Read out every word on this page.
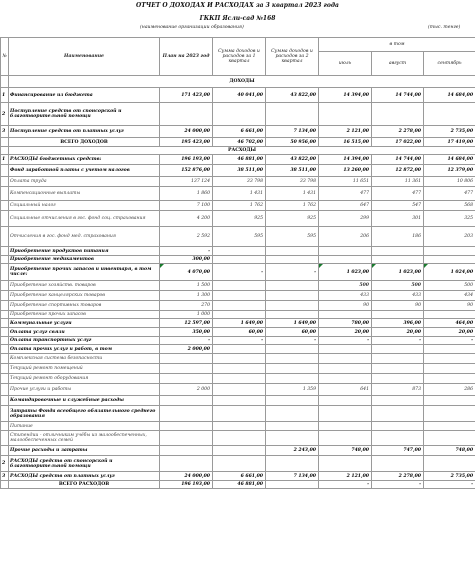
ОТЧЕТ О ДОХОДАХ И РАСХОДАХ за 3 квартал 2023 года
ГККП Ясли-сад №168
(наименование организации образования)	(тыс. тенге)
№	Наименование	План на 2023 год	Сумма доходов и расходов за 1 квартал	Сумма доходов и расходов за 2 квартал	в том		
					июль	август	сентябрь
	ДОХОДЫ						
1	Финансирование из бюджета	171 423,00	40 041,00	43 822,00	14 394,00	14 744,00	14 684,00
2	Поступление средств от спонсорской и благотворительной помощи						
3	Поступление средств от платных услуг	24 000,00	6 661,00	7 134,00	2 121,00	2 278,00	2 735,00
	ВСЕГО ДОХОДОВ	195 423,00	46 702,00	50 956,00	16 515,00	17 022,00	17 419,00
	РАСХОДЫ						
1	РАСХОДЫ бюджетных средств:	196 193,00	46 881,00	43 822,00	14 394,00	14 744,00	14 684,00
	Фонд заработной платы с учетом налогов	152 876,00	38 511,00	38 511,00	13 260,00	12 872,00	12 379,00
	Оплата труда	137 124	33 798	33 798	11 651	11 361	10 806
	Компенсационные выплаты	1 860	1 431	1 431	477	477	477
	Социальный налог	7 100	1 762	1 762	647	547	568
	Социальные отчисления в гос. фонд соц. страхования	4 200	925	925	299	301	325
	Отчисления в гос. фонд мед. страхования	2 592	595	595	206	186	203
	Приобретение продуктов питания	-					
	Приобретение медикаментов	300,00					
	Приобретение прочих запасов и инвентаря, в том числе:	4 070,00	-	-	1 023,00	1 023,00	1 024,00
	Приобретение хозяйств. товаров	1 500			500	500	500
	Приобретение канцелярских товаров	1 300			433	433	434
	Приобретение спортивных товаров	270			90	90	90
	Приобретение прочих запасов	1 000					
	Коммунальные услуги	12 597,00	1 649,00	1 649,00	780,00	396,00	464,00
	Оплата услуг связи	350,00	60,00	60,00	20,00	20,00	20,00
	Оплата транспортных услуг	-	-	-	-	-	-
	Оплата прочих услуг и работ, в том	2 000,00					
	Комплексная система безопасности						
	Текущий ремонт помещений						
	Текущий ремонт оборудования						
	Прочие услуги и работы	2 000		1 359	641	873	286
	Командировочные и служебные расходы						
	Затраты Фонда всеобщего обязательного среднего образования						
	Питание						
	Стипендии - отличникам учёбы из малообеспеченных, малообеспеченных семей						
	Прочие расходы и затраты			2 243,00	748,00	747,00	748,00
2	РАСХОДЫ средств от спонсорской и благотворительной помощи						
3	РАСХОДЫ средств от платных услуг	24 000,00	6 661,00	7 134,00	2 121,00	2 278,00	2 735,00
	ВСЕГО РАСХОДОВ	196 193,00	46 881,00		-	-	-
